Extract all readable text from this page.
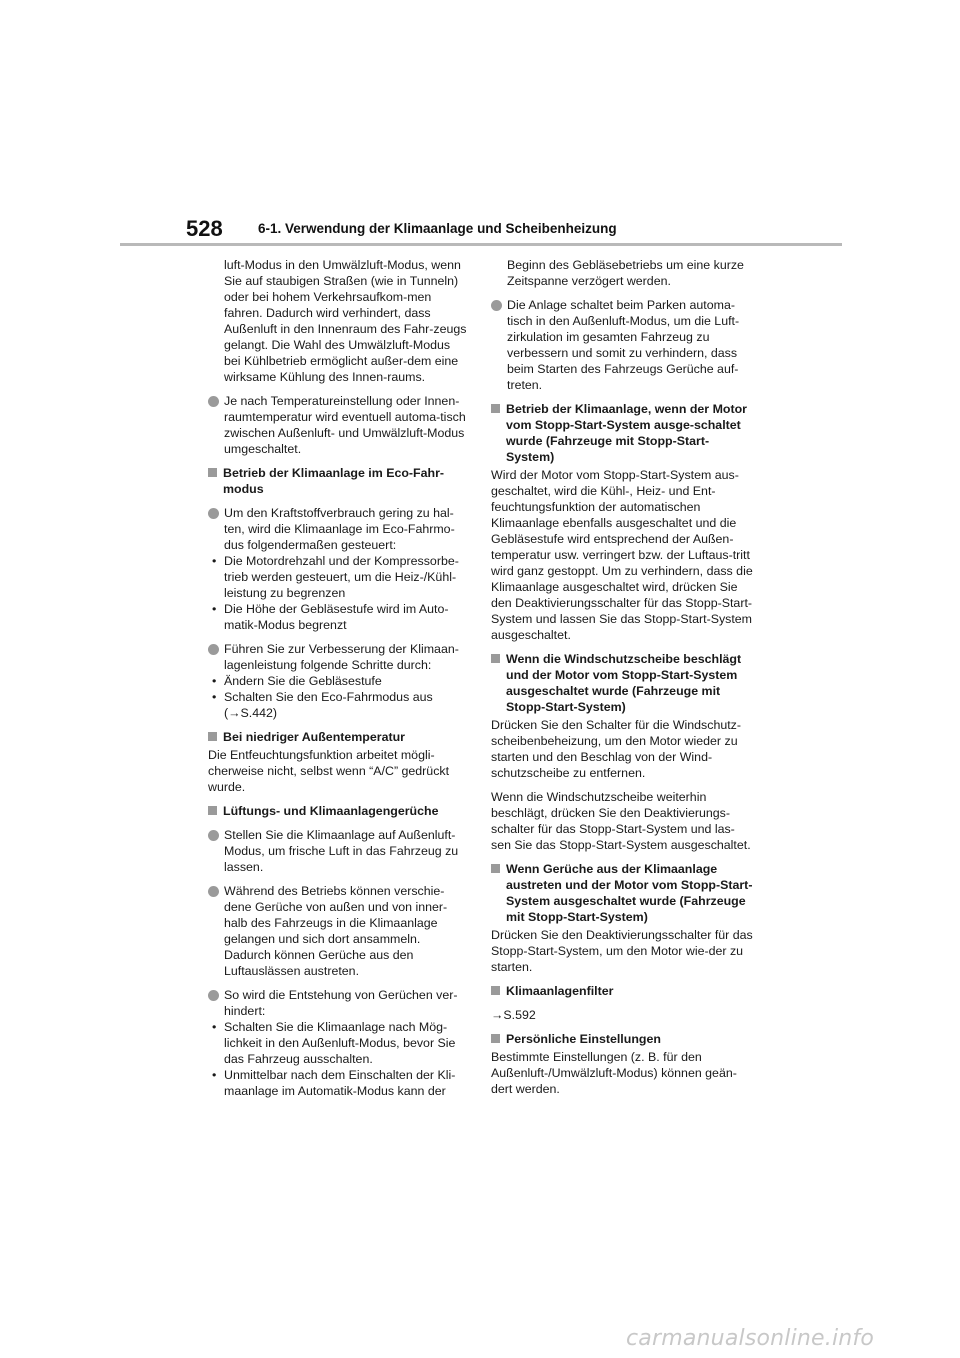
528	6-1. Verwendung der Klimaanlage und Scheibenheizung
luft-Modus in den Umwälzluft-Modus, wenn Sie auf staubigen Straßen (wie in Tunneln) oder bei hohem Verkehrsaufkom-men fahren. Dadurch wird verhindert, dass Außenluft in den Innenraum des Fahr-zeugs gelangt. Die Wahl des Umwälzluft-Modus bei Kühlbetrieb ermöglicht außer-dem eine wirksame Kühlung des Innen-raums.
Je nach Temperatureinstellung oder Innen-raumtemperatur wird eventuell automa-tisch zwischen Außenluft- und Umwälzluft-Modus umgeschaltet.
Betrieb der Klimaanlage im Eco-Fahr-modus
Um den Kraftstoffverbrauch gering zu hal-ten, wird die Klimaanlage im Eco-Fahrmo-dus folgendermaßen gesteuert:
• Die Motordrehzahl und der Kompressorbe-trieb werden gesteuert, um die Heiz-/Kühl-leistung zu begrenzen
• Die Höhe der Gebläsestufe wird im Auto-matik-Modus begrenzt
Führen Sie zur Verbesserung der Klimaan-lagenleistung folgende Schritte durch:
• Ändern Sie die Gebläsestufe
• Schalten Sie den Eco-Fahrmodus aus (→S.442)
Bei niedriger Außentemperatur
Die Entfeuchtungsfunktion arbeitet mögli-cherweise nicht, selbst wenn “A/C” gedrückt wurde.
Lüftungs- und Klimaanlagengerüche
Stellen Sie die Klimaanlage auf Außenluft-Modus, um frische Luft in das Fahrzeug zu lassen.
Während des Betriebs können verschie-dene Gerüche von außen und von inner-halb des Fahrzeugs in die Klimaanlage gelangen und sich dort ansammeln. Dadurch können Gerüche aus den Luftauslässen austreten.
So wird die Entstehung von Gerüchen ver-hindert:
• Schalten Sie die Klimaanlage nach Mög-lichkeit in den Außenluft-Modus, bevor Sie das Fahrzeug ausschalten.
• Unmittelbar nach dem Einschalten der Kli-maanlage im Automatik-Modus kann der
Beginn des Gebläsebetriebs um eine kurze Zeitspanne verzögert werden.
Die Anlage schaltet beim Parken automa-tisch in den Außenluft-Modus, um die Luft-zirkulation im gesamten Fahrzeug zu verbessern und somit zu verhindern, dass beim Starten des Fahrzeugs Gerüche auf-treten.
Betrieb der Klimaanlage, wenn der Motor vom Stopp-Start-System ausge-schaltet wurde (Fahrzeuge mit Stopp-Start-System)
Wird der Motor vom Stopp-Start-System aus-geschaltet, wird die Kühl-, Heiz- und Ent-feuchtungsfunktion der automatischen Klimaanlage ebenfalls ausgeschaltet und die Gebläsestufe wird entsprechend der Außen-temperatur usw. verringert bzw. der Luftaus-tritt wird ganz gestoppt. Um zu verhindern, dass die Klimaanlage ausgeschaltet wird, drücken Sie den Deaktivierungsschalter für das Stopp-Start-System und lassen Sie das Stopp-Start-System ausgeschaltet.
Wenn die Windschutzscheibe beschlägt und der Motor vom Stopp-Start-System ausgeschaltet wurde (Fahrzeuge mit Stopp-Start-System)
Drücken Sie den Schalter für die Windschutz-scheibenbeheizung, um den Motor wieder zu starten und den Beschlag von der Wind-schutzscheibe zu entfernen.
Wenn die Windschutzscheibe weiterhin beschlägt, drücken Sie den Deaktivierungs-schalter für das Stopp-Start-System und las-sen Sie das Stopp-Start-System ausgeschaltet.
Wenn Gerüche aus der Klimaanlage austreten und der Motor vom Stopp-Start-System ausgeschaltet wurde (Fahrzeuge mit Stopp-Start-System)
Drücken Sie den Deaktivierungsschalter für das Stopp-Start-System, um den Motor wie-der zu starten.
Klimaanlagenfilter
→S.592
Persönliche Einstellungen
Bestimmte Einstellungen (z. B. für den Außenluft-/Umwälzluft-Modus) können geän-dert werden.
carmanualsonline.info
